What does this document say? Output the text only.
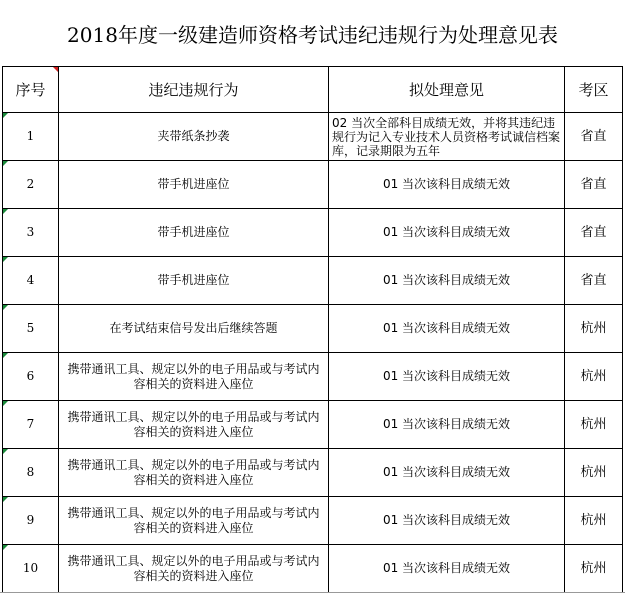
2018年度一级建造师资格考试违纪违规行为处理意见表
序号	违纪违规行为	拟处理意见	考区

1	夹带纸条抄袭	02 当次全部科目成绩无效，并将其违纪违规行为记入专业技术人员资格考试诚信档案库，记录期限为五年	省直

2	带手机进座位	01 当次该科目成绩无效	省直

3	带手机进座位	01 当次该科目成绩无效	省直

4	带手机进座位	01 当次该科目成绩无效	省直

5	在考试结束信号发出后继续答题	01 当次该科目成绩无效	杭州

6	携带通讯工具、规定以外的电子用品或与考试内容相关的资料进入座位	01 当次该科目成绩无效	杭州

7	携带通讯工具、规定以外的电子用品或与考试内容相关的资料进入座位	01 当次该科目成绩无效	杭州

8	携带通讯工具、规定以外的电子用品或与考试内容相关的资料进入座位	01 当次该科目成绩无效	杭州

9	携带通讯工具、规定以外的电子用品或与考试内容相关的资料进入座位	01 当次该科目成绩无效	杭州

10	携带通讯工具、规定以外的电子用品或与考试内容相关的资料进入座位	01 当次该科目成绩无效	杭州
